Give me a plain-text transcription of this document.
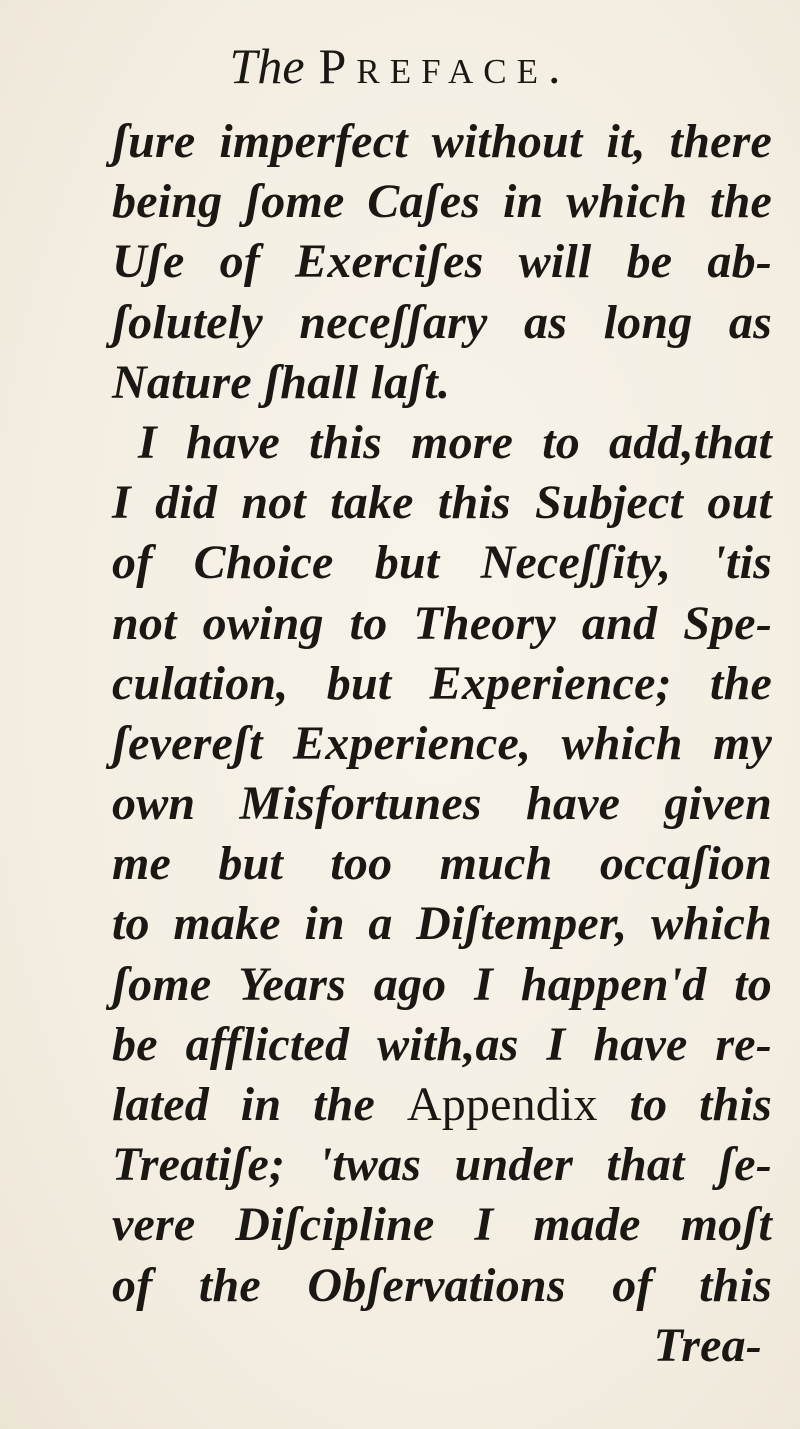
The Preface.
ʃure imperfect without it, there
being ʃome Caʃes in which the
Uʃe of Exerciʃes will be ab-
ʃolutely neceʃʃary as long as
Nature ʃhall laʃt.
I have this more to add,that
I did not take this Subject out
of Choice but Neceʃʃity, 'tis
not owing to Theory and Spe-
culation, but Experience; the
ʃevereʃt Experience, which my
own Misfortunes have given
me but too much occaʃion
to make in a Diʃtemper, which
ʃome Years ago I happen'd to
be afflicted with,as I have re-
lated in the Appendix to this
Treatiʃe; 'twas under that ʃe-
vere Diʃcipline I made moʃt
of the Obʃervations of this
Trea-
